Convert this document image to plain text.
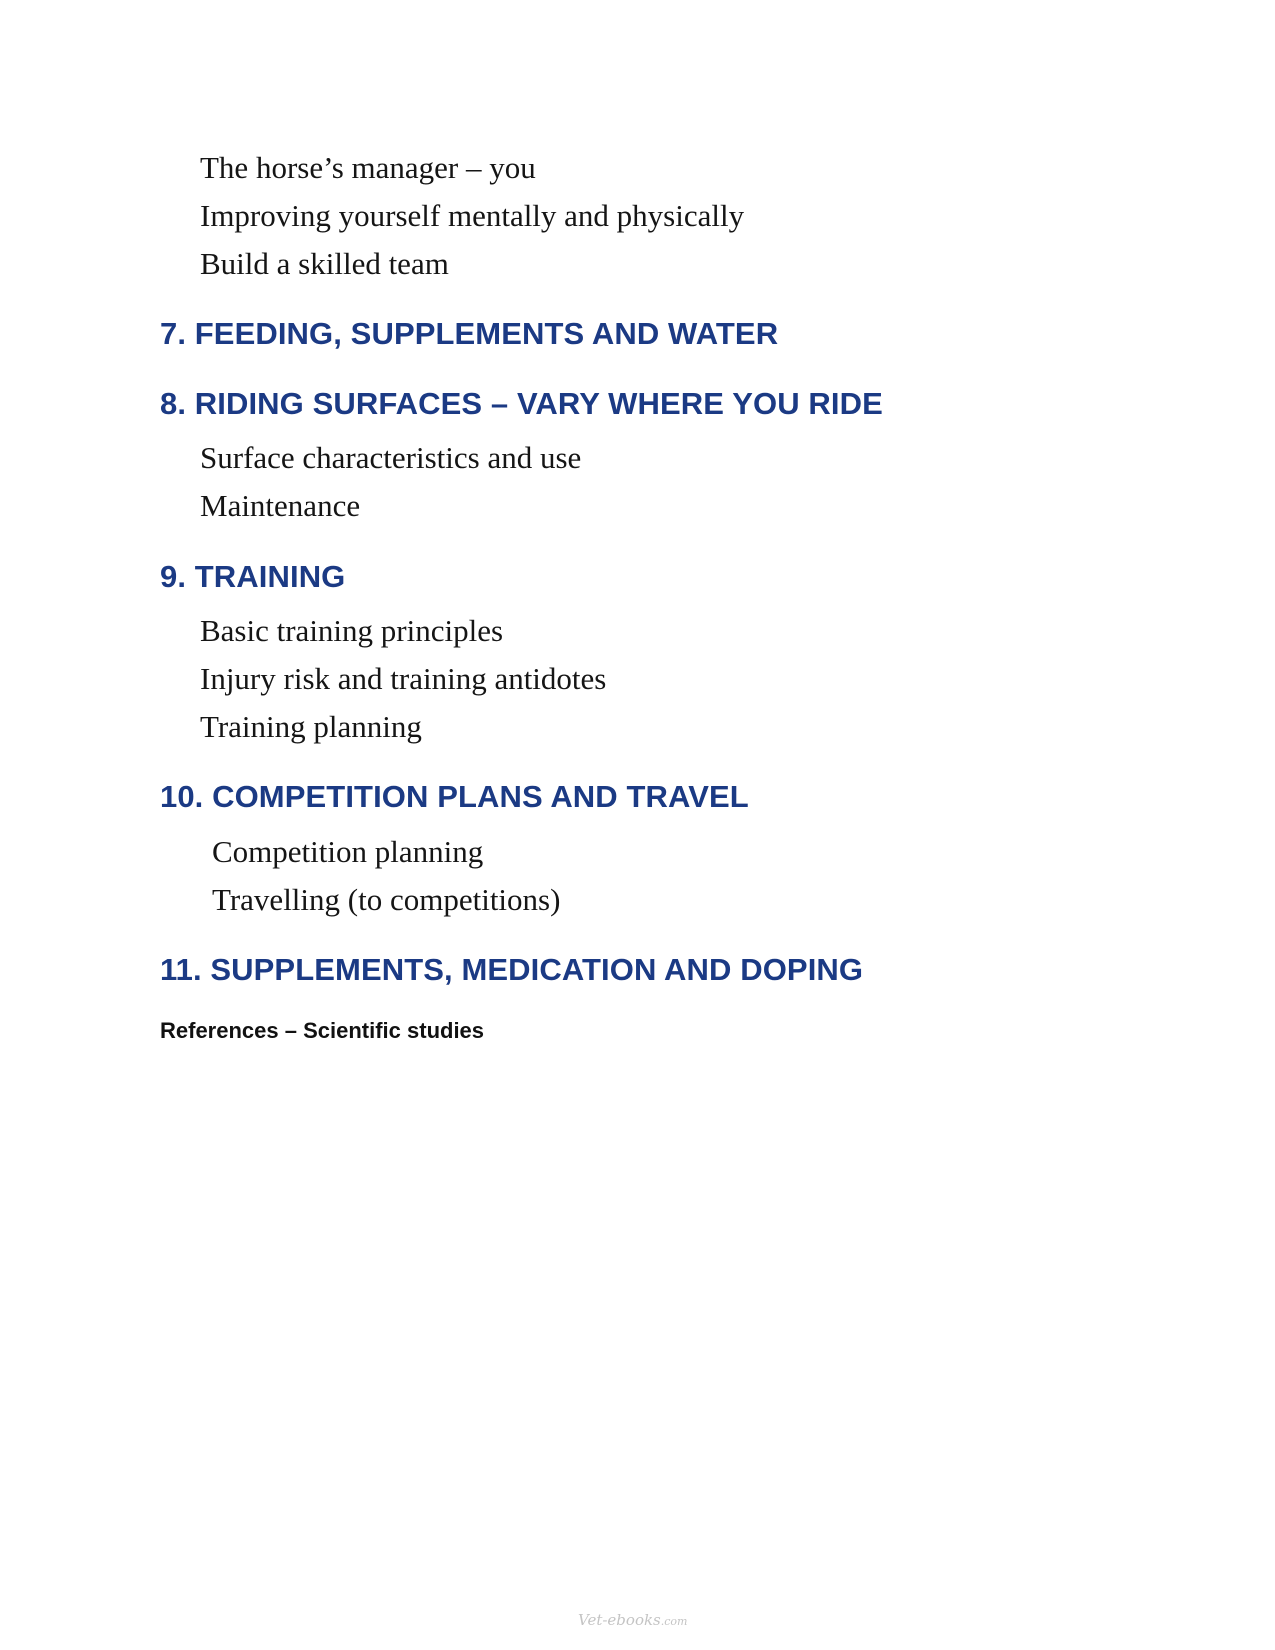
The horse’s manager – you
Improving yourself mentally and physically
Build a skilled team
7. FEEDING, SUPPLEMENTS AND WATER
8. RIDING SURFACES – VARY WHERE YOU RIDE
Surface characteristics and use
Maintenance
9. TRAINING
Basic training principles
Injury risk and training antidotes
Training planning
10. COMPETITION PLANS AND TRAVEL
Competition planning
Travelling (to competitions)
11. SUPPLEMENTS, MEDICATION AND DOPING
References – Scientific studies
Vet-ebooks.com
